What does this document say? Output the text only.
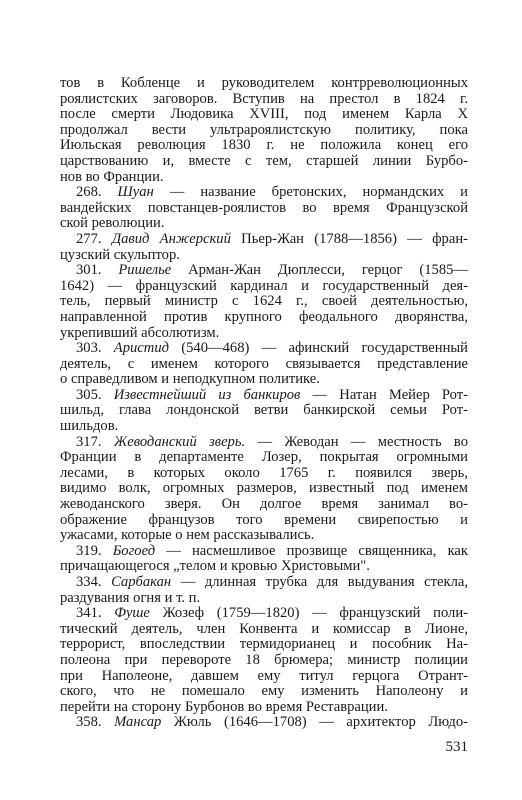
тов в Кобленце и руководителем контрреволюционных
роялистских заговоров. Вступив на престол в 1824 г.
после смерти Людовика XVIII, под именем Карла X
продолжал вести ультрароялистскую политику, пока
Июльская революция 1830 г. не положила конец его
царствованию и, вместе с тем, старшей линии Бурбо-
нов во Франции.
268. Шуан — название бретонских, нормандских и
вандейских повстанцев-роялистов во время Французской
ской революции.
277. Давид Анжерский Пьер-Жан (1788—1856) — фран-
цузский скульптор.
301. Ришелье Арман-Жан Дюплесси, герцог (1585—
1642) — французский кардинал и государственный дея-
тель, первый министр с 1624 г., своей деятельностью,
направленной против крупного феодального дворянства,
укрепивший абсолютизм.
303. Аристид (540—468) — афинский государственный
деятель, с именем которого связывается представление
о справедливом и неподкупном политике.
305. Известнейший из банкиров — Натан Мейер Рот-
шильд, глава лондонской ветви банкирской семьи Рот-
шильдов.
317. Жеводанский зверь. — Жеводан — местность во
Франции в департаменте Лозер, покрытая огромными
лесами, в которых около 1765 г. появился зверь,
видимо волк, огромных размеров, известный под именем
жеводанского зверя. Он долгое время занимал во-
ображение французов того времени свирепостью и
ужасами, которые о нем рассказывались.
319. Богоед — насмешливое прозвище священника, как
причащающегося „телом и кровью Христовыми".
334. Сарбакан — длинная трубка для выдувания стекла,
раздувания огня и т. п.
341. Фуше Жозеф (1759—1820) — французский поли-
тический деятель, член Конвента и комиссар в Лионе,
террорист, впоследствии термидорианец и пособник На-
полеона при перевороте 18 брюмера; министр полиции
при Наполеоне, давшем ему титул герцога Отрант-
ского, что не помешало ему изменить Наполеону и
перейти на сторону Бурбонов во время Реставрации.
358. Мансар Жюль (1646—1708) — архитектор Людо-
531
